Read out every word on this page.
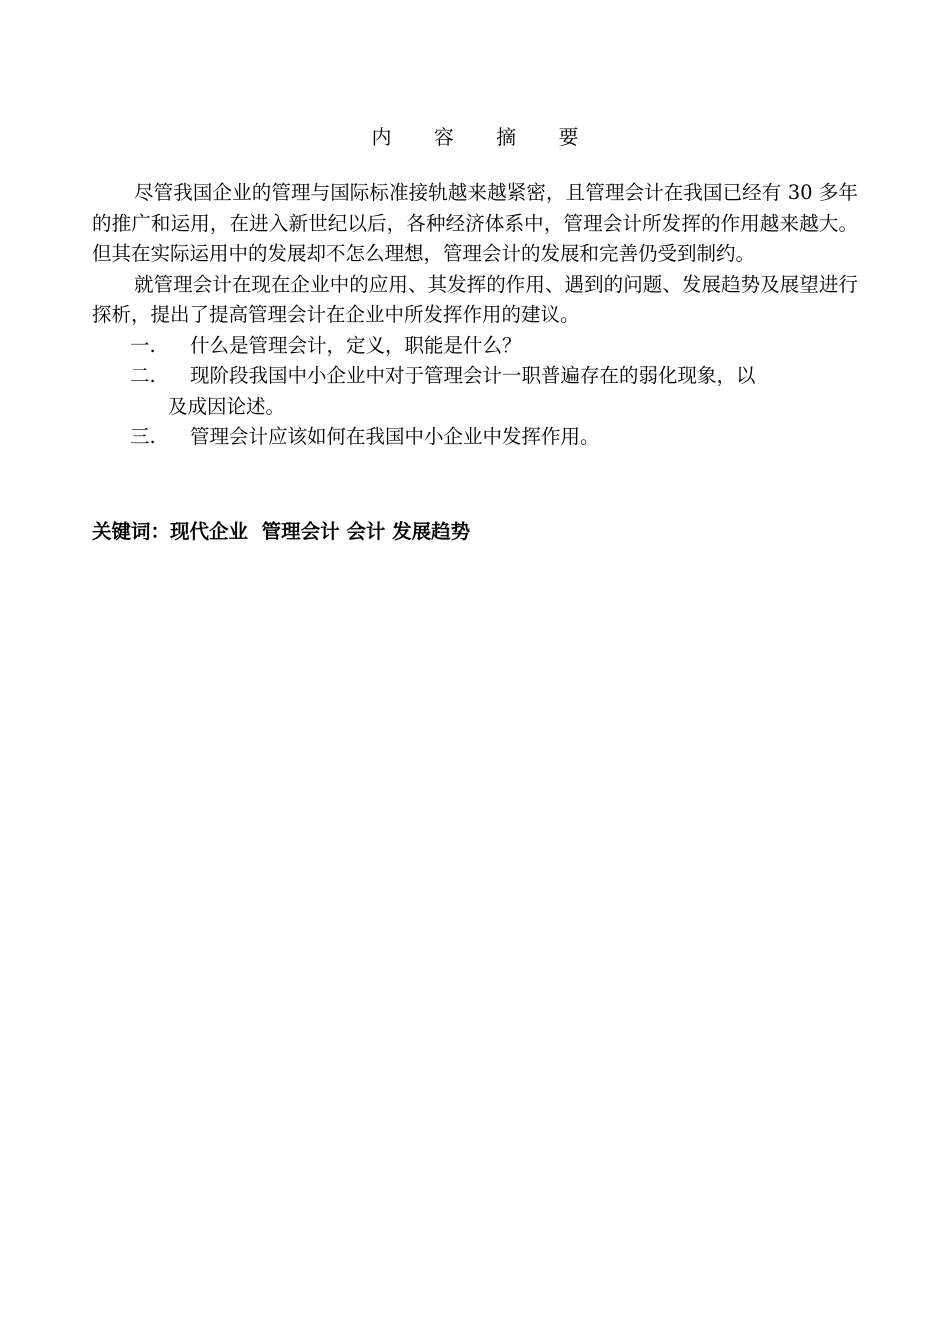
内 容 摘 要

尽管我国企业的管理与国际标准接轨越来越紧密，且管理会计在我国已经有 30 多年的推广和运用，在进入新世纪以后，各种经济体系中，管理会计所发挥的作用越来越大。但其在实际运用中的发展却不怎么理想，管理会计的发展和完善仍受到制约。

就管理会计在现在企业中的应用、其发挥的作用、遇到的问题、发展趋势及展望进行探析，提出了提高管理会计在企业中所发挥作用的建议。

一.	什么是管理会计，定义，职能是什么？
二.	现阶段我国中小企业中对于管理会计一职普遍存在的弱化现象，以
及成因论述。
三.	管理会计应该如何在我国中小企业中发挥作用。
关键词：现代企业  管理会计 会计 发展趋势
